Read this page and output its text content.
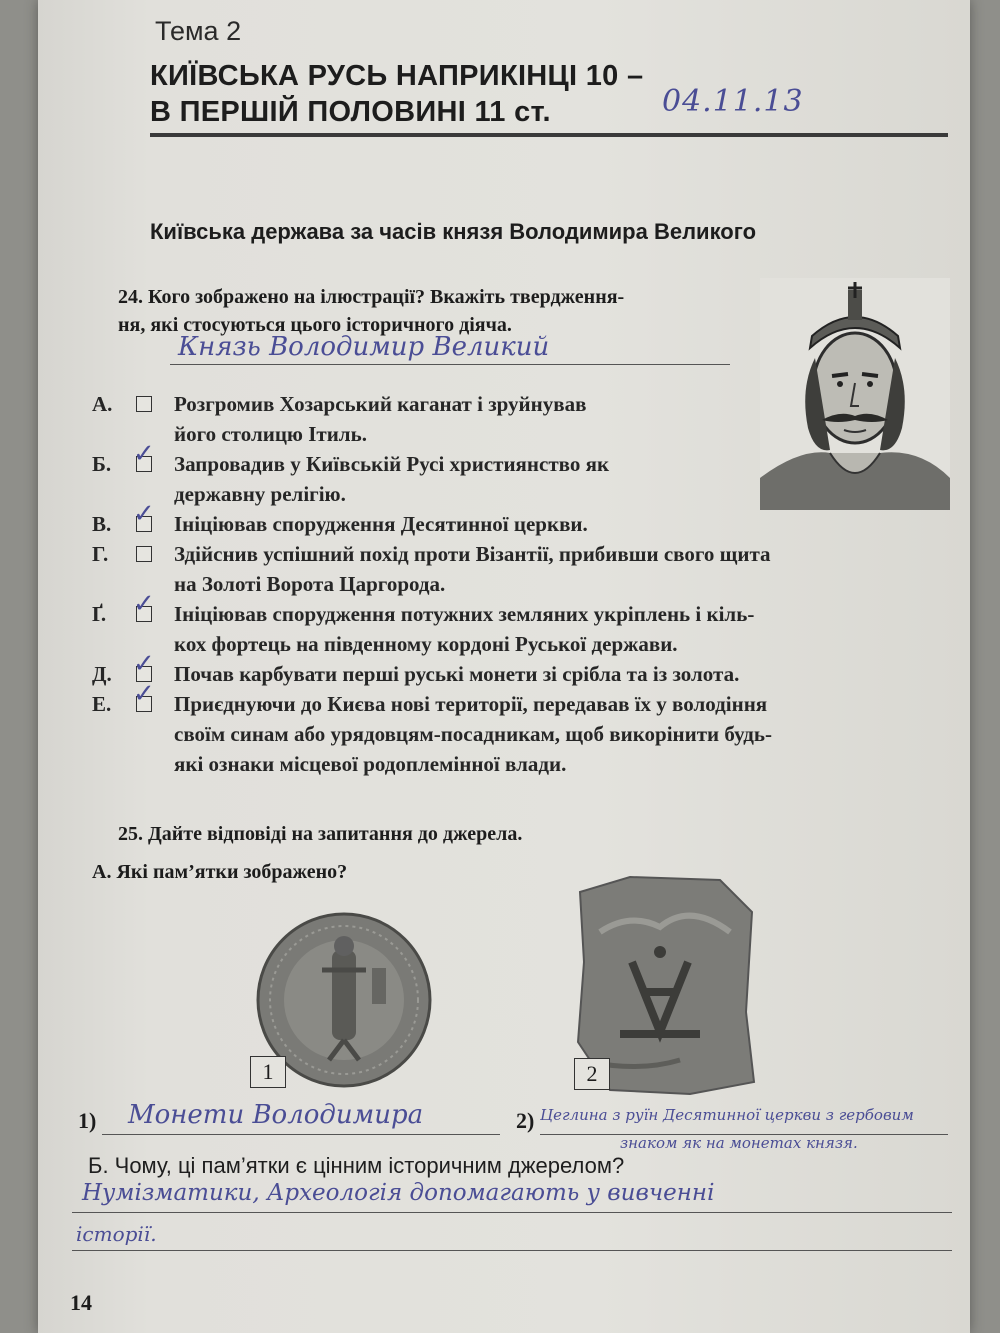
Тема 2
КИЇВСЬКА РУСЬ НАПРИКІНЦІ 10 –
В ПЕРШІЙ ПОЛОВИНІ 11 ст.	04.11.13
Київська держава за часів князя Володимира Великого
24. Кого зображено на ілюстрації? Вкажіть твердження-
ня, які стосуються цього історичного діяча.
Князь Володимир Великий
А.	Розгромив Хозарський каганат і зруйнував
його столицю Ітиль.
Б. ✓ Запровадив у Київській Русі християнство як
державну релігію.
В. ✓ Ініціював спорудження Десятинної церкви.
Г.	Здійснив успішний похід проти Візантії, прибивши свого щита
на Золоті Ворота Царгорода.
Ґ.	✓ Ініціював спорудження потужних земляних укріплень і кіль-
кох фортець на південному кордоні Руської держави.
Д. ✓ Почав карбувати перші руські монети зі срібла та із золота.
Е. ✓ Приєднуючи до Києва нові території, передавав їх у володіння
своїм синам або урядовцям-посадникам, щоб викорінити будь-
які ознаки місцевої родоплемінної влади.
25. Дайте відповіді на запитання до джерела.
А. Які пам’ятки зображено?
1	2
1) Монети Володимира	2) Цеглина з руїн Десятинної церкви з гербовим
знаком як на монетах князя.
Б. Чому, ці пам’ятки є цінним історичним джерелом?
Нумізматики, Археологія допомагають у вивченні
історії.
14
